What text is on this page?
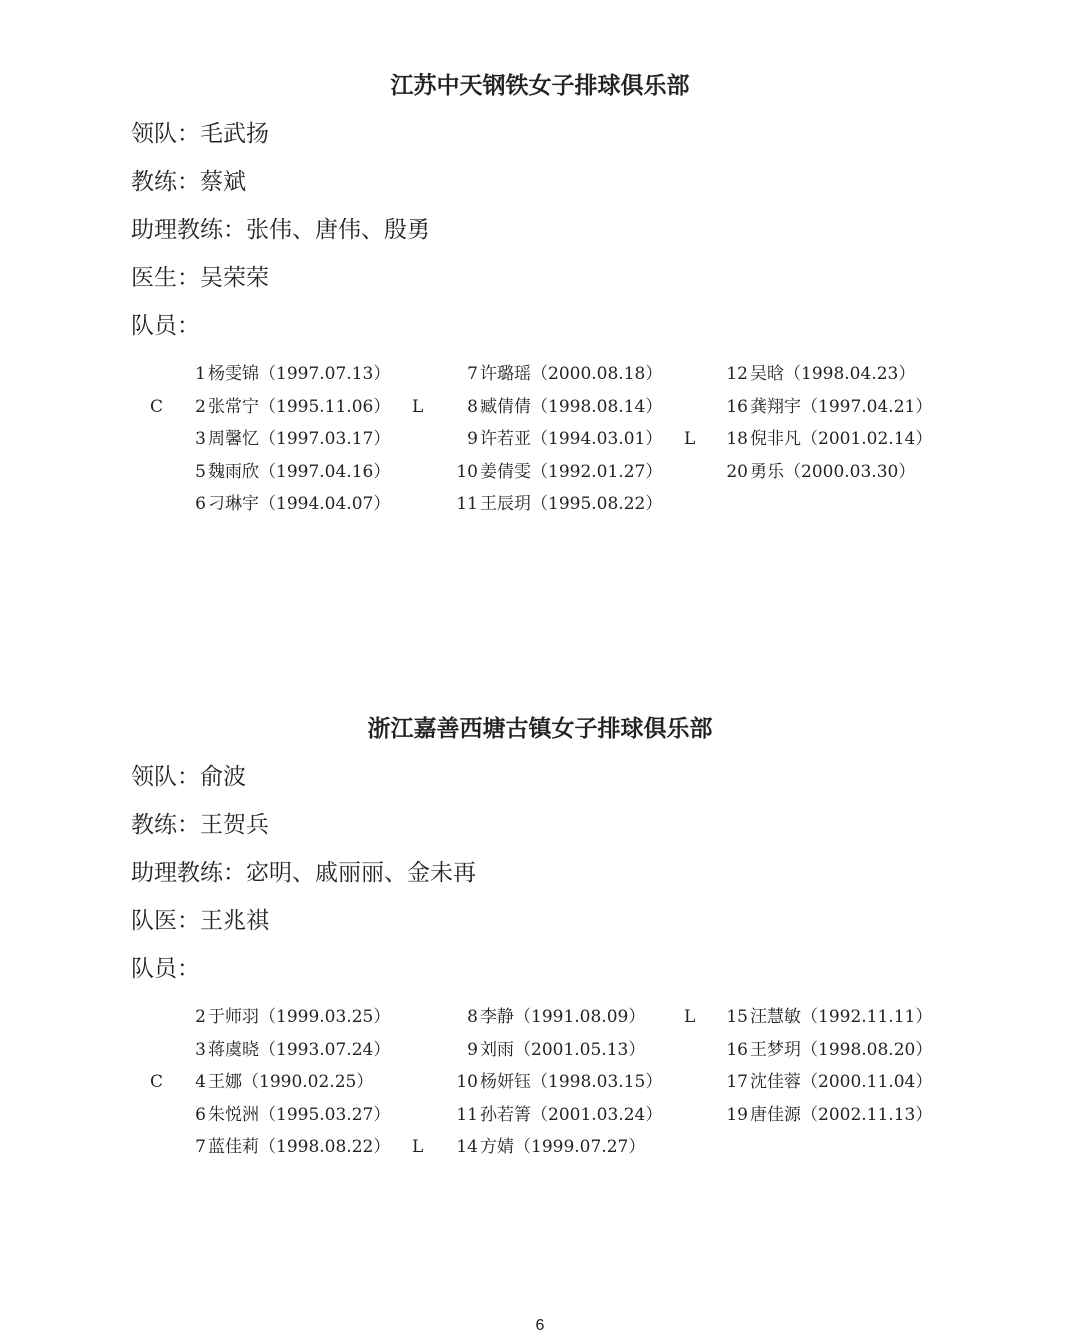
江苏中天钢铁女子排球俱乐部
领队：毛武扬
教练：蔡斌
助理教练：张伟、唐伟、殷勇
医生：吴荣荣
队员：
1 杨雯锦（1997.07.13）
C 2 张常宁（1995.11.06）
3 周馨忆（1997.03.17）
5 魏雨欣（1997.04.16）
6 刁琳宇（1994.04.07）
7 许璐瑶（2000.08.18）
L	8 臧倩倩（1998.08.14）
9 许若亚（1994.03.01）
10 姜倩雯（1992.01.27）
11 王辰玥（1995.08.22）
12 吴晗（1998.04.23）
16 龚翔宇（1997.04.21）
L 18 倪非凡（2001.02.14）
20 勇乐（2000.03.30）
浙江嘉善西塘古镇女子排球俱乐部
领队：俞波
教练：王贺兵
助理教练：宓明、戚丽丽、金未再
队医：王兆祺
队员：
2 于师羽（1999.03.25）
3 蒋虞晓（1993.07.24）
C 4 王娜（1990.02.25）
6 朱悦洲（1995.03.27）
7 蓝佳莉（1998.08.22）
8 李静（1991.08.09）
9 刘雨（2001.05.13）
10 杨妍钰（1998.03.15）
11 孙若箐（2001.03.24）
L 14 方婧（1999.07.27）
L 15 汪慧敏（1992.11.11）
16 王梦玥（1998.08.20）
17 沈佳蓉（2000.11.04）
19 唐佳源（2002.11.13）
6
